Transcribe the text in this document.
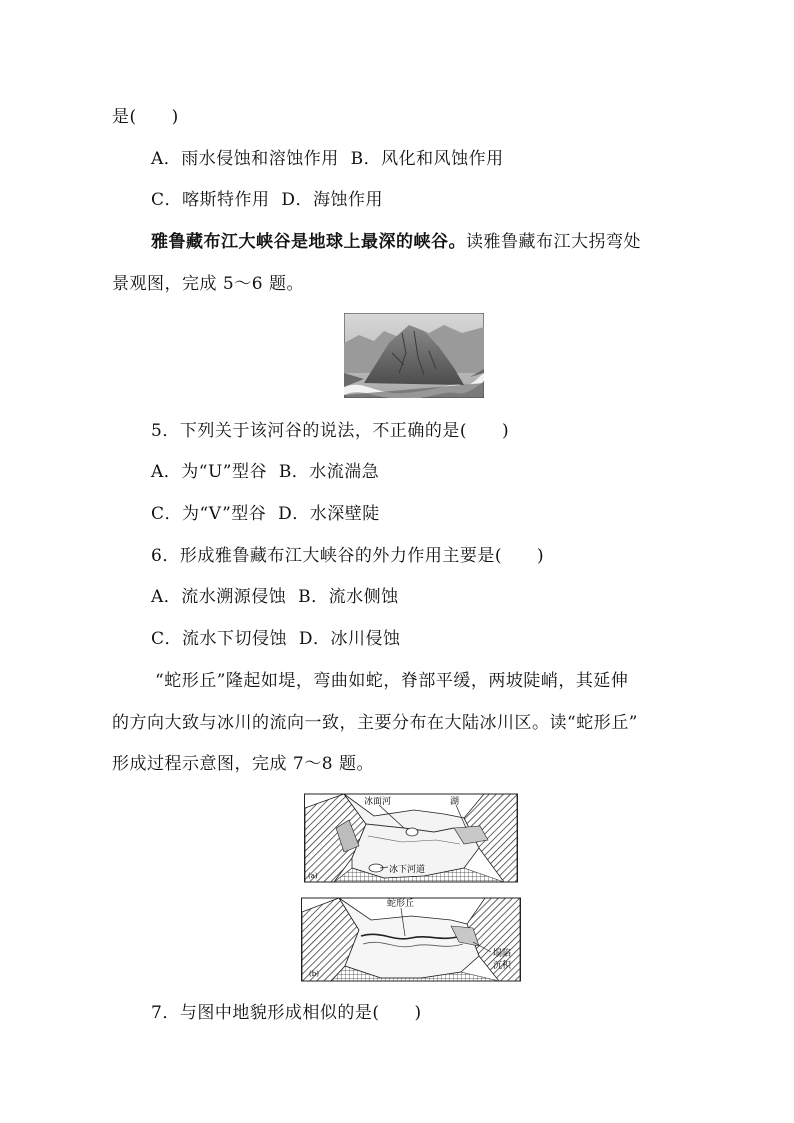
是(　　)
A．雨水侵蚀和溶蚀作用 B．风化和风蚀作用
C．喀斯特作用 D．海蚀作用
雅鲁藏布江大峡谷是地球上最深的峡谷。读雅鲁藏布江大拐弯处
景观图，完成 5～6 题。
5．下列关于该河谷的说法，不正确的是(　　)
A．为“U”型谷 B．水流湍急
C．为“V”型谷 D．水深壁陡
6．形成雅鲁藏布江大峡谷的外力作用主要是(　　)
A．流水溯源侵蚀 B．流水侧蚀
C．流水下切侵蚀 D．冰川侵蚀
“蛇形丘”隆起如堤，弯曲如蛇，脊部平缓，两坡陡峭，其延伸
的方向大致与冰川的流向一致，主要分布在大陆冰川区。读“蛇形丘”
形成过程示意图，完成 7～8 题。
冰面河	湖
冰下河道
(a)
蛇形丘
塌陷
沉积
(b)
7．与图中地貌形成相似的是(　　)
